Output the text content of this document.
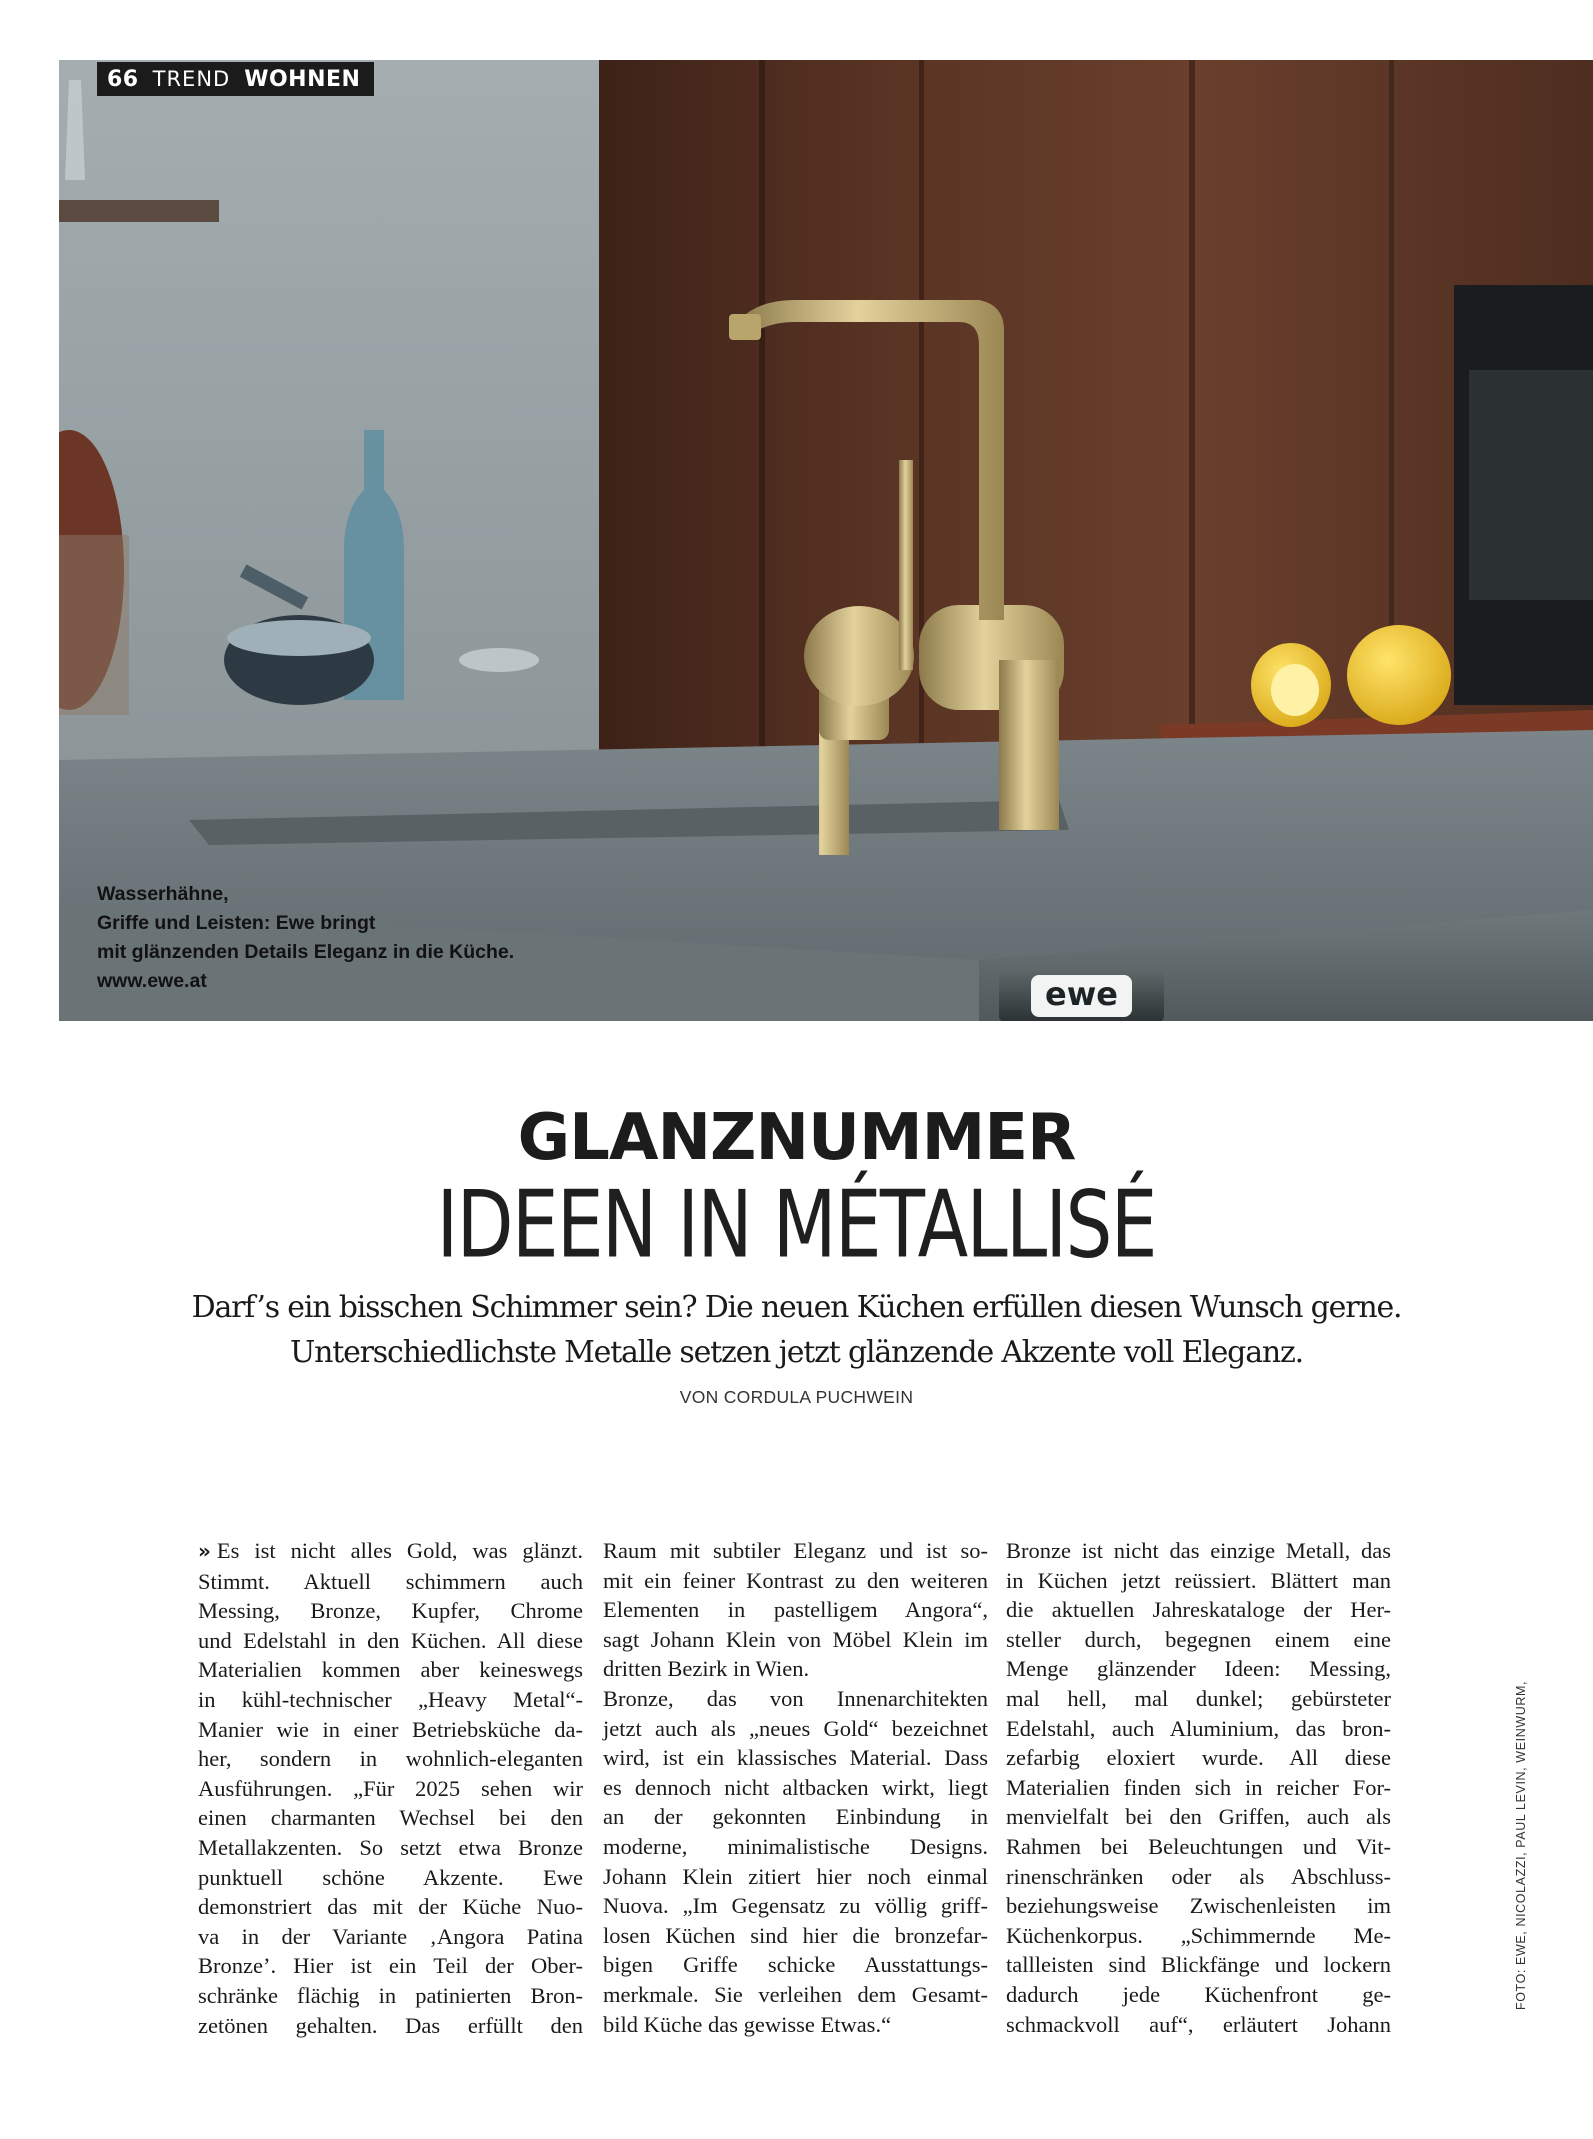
66 TREND WOHNEN
Wasserhähne,
Griffe und Leisten: Ewe bringt
mit glänzenden Details Eleganz in die Küche.
www.ewe.at	ewe
GLANZNUMMER
IDEEN IN MÉTALLISÉ
Darf’s ein bisschen Schimmer sein? Die neuen Küchen erfüllen diesen Wunsch gerne.
Unterschiedlichste Metalle setzen jetzt glänzende Akzente voll Eleganz.
VON CORDULA PUCHWEIN
» Es ist nicht alles Gold, was glänzt.
Stimmt. Aktuell schimmern auch
Messing, Bronze, Kupfer, Chrome
und Edelstahl in den Küchen. All diese
Materialien kommen aber keineswegs
in kühl-technischer „Heavy Metal“-
Manier wie in einer Betriebsküche da-
her, sondern in wohnlich-eleganten
Ausführungen. „Für 2025 sehen wir
einen charmanten Wechsel bei den
Metallakzenten. So setzt etwa Bronze
punktuell schöne Akzente. Ewe
demonstriert das mit der Küche Nuo-
va in der Variante ‚Angora Patina
Bronze’. Hier ist ein Teil der Ober-
schränke flächig in patinierten Bron-
zetönen gehalten. Das erfüllt den
Raum mit subtiler Eleganz und ist so-
mit ein feiner Kontrast zu den weiteren
Elementen in pastelligem Angora“,
sagt Johann Klein von Möbel Klein im
dritten Bezirk in Wien.
Bronze, das von Innenarchitekten
jetzt auch als „neues Gold“ bezeichnet
wird, ist ein klassisches Material. Dass
es dennoch nicht altbacken wirkt, liegt
an der gekonnten Einbindung in
moderne, minimalistische Designs.
Johann Klein zitiert hier noch einmal
Nuova. „Im Gegensatz zu völlig griff-
losen Küchen sind hier die bronzefar-
bigen Griffe schicke Ausstattungs-
merkmale. Sie verleihen dem Gesamt-
bild Küche das gewisse Etwas.“
Bronze ist nicht das einzige Metall, das
in Küchen jetzt reüssiert. Blättert man
die aktuellen Jahreskataloge der Her-
steller durch, begegnen einem eine
Menge glänzender Ideen: Messing,
mal hell, mal dunkel; gebürsteter
Edelstahl, auch Aluminium, das bron-
zefarbig eloxiert wurde. All diese
Materialien finden sich in reicher For-
menvielfalt bei den Griffen, auch als
Rahmen bei Beleuchtungen und Vit-
rinenschränken oder als Abschluss-
beziehungsweise Zwischenleisten im
Küchenkorpus. „Schimmernde Me-
tallleisten sind Blickfänge und lockern
dadurch jede Küchenfront ge-
schmackvoll auf“, erläutert Johann
FOTO: EWE, NICOLAZZI, PAUL LEVIN, WEINWURM,
